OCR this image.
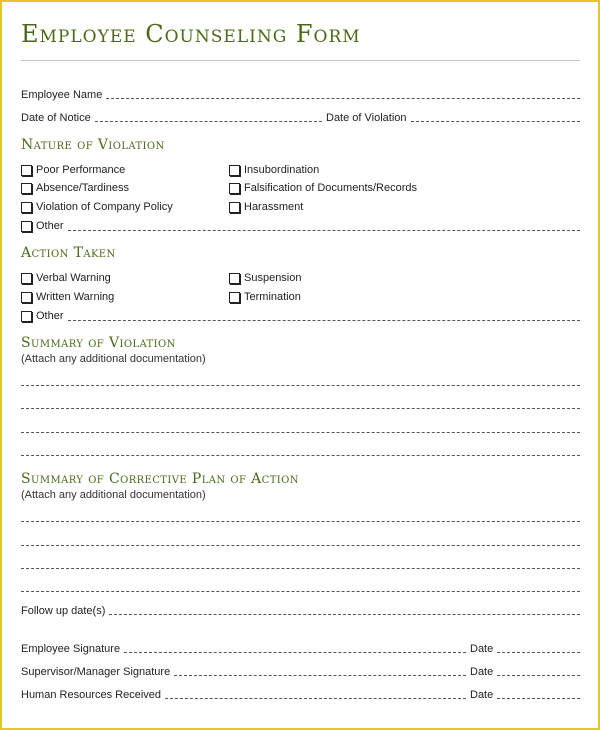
Employee Counseling Form
Employee Name
Date of Notice	Date of Violation
Nature of Violation
Poor Performance	Insubordination
Absence/Tardiness	Falsification of Documents/Records
Violation of Company Policy	Harassment
Other
Action Taken
Verbal Warning	Suspension
Written Warning	Termination
Other
Summary of Violation
(Attach any additional documentation)
Summary of Corrective Plan of Action
(Attach any additional documentation)
Follow up date(s)
Employee Signature	Date
Supervisor/Manager Signature	Date
Human Resources Received	Date
